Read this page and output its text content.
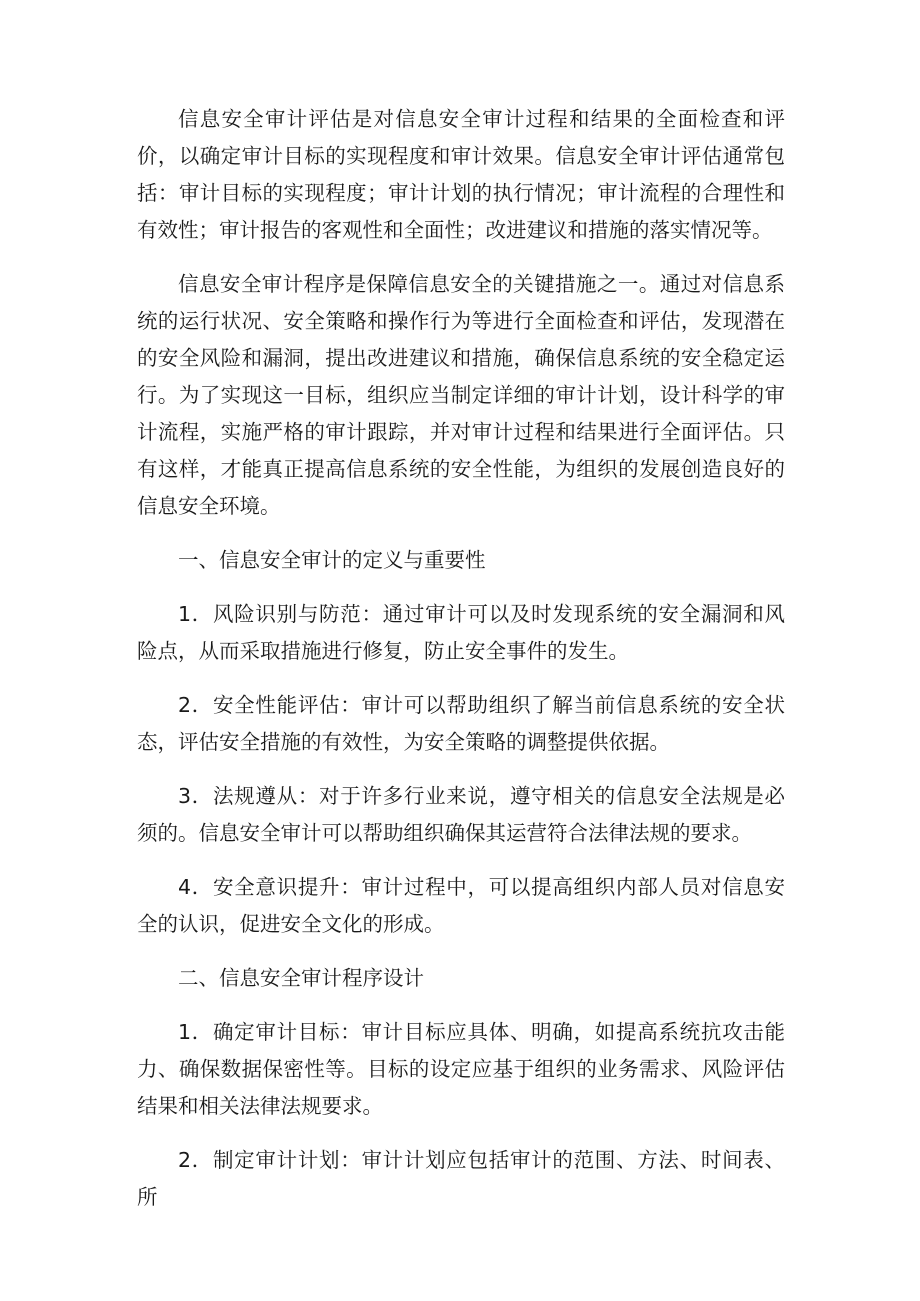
信息安全审计评估是对信息安全审计过程和结果的全面检查和评价，以确定审计目标的实现程度和审计效果。信息安全审计评估通常包括：审计目标的实现程度；审计计划的执行情况；审计流程的合理性和有效性；审计报告的客观性和全面性；改进建议和措施的落实情况等。

信息安全审计程序是保障信息安全的关键措施之一。通过对信息系统的运行状况、安全策略和操作行为等进行全面检查和评估，发现潜在的安全风险和漏洞，提出改进建议和措施，确保信息系统的安全稳定运行。为了实现这一目标，组织应当制定详细的审计计划，设计科学的审计流程，实施严格的审计跟踪，并对审计过程和结果进行全面评估。只有这样，才能真正提高信息系统的安全性能，为组织的发展创造良好的信息安全环境。

一、信息安全审计的定义与重要性

1．风险识别与防范：通过审计可以及时发现系统的安全漏洞和风险点，从而采取措施进行修复，防止安全事件的发生。

2．安全性能评估：审计可以帮助组织了解当前信息系统的安全状态，评估安全措施的有效性，为安全策略的调整提供依据。

3．法规遵从：对于许多行业来说，遵守相关的信息安全法规是必须的。信息安全审计可以帮助组织确保其运营符合法律法规的要求。

4．安全意识提升：审计过程中，可以提高组织内部人员对信息安全的认识，促进安全文化的形成。

二、信息安全审计程序设计

1．确定审计目标：审计目标应具体、明确，如提高系统抗攻击能力、确保数据保密性等。目标的设定应基于组织的业务需求、风险评估结果和相关法律法规要求。

2．制定审计计划：审计计划应包括审计的范围、方法、时间表、所
